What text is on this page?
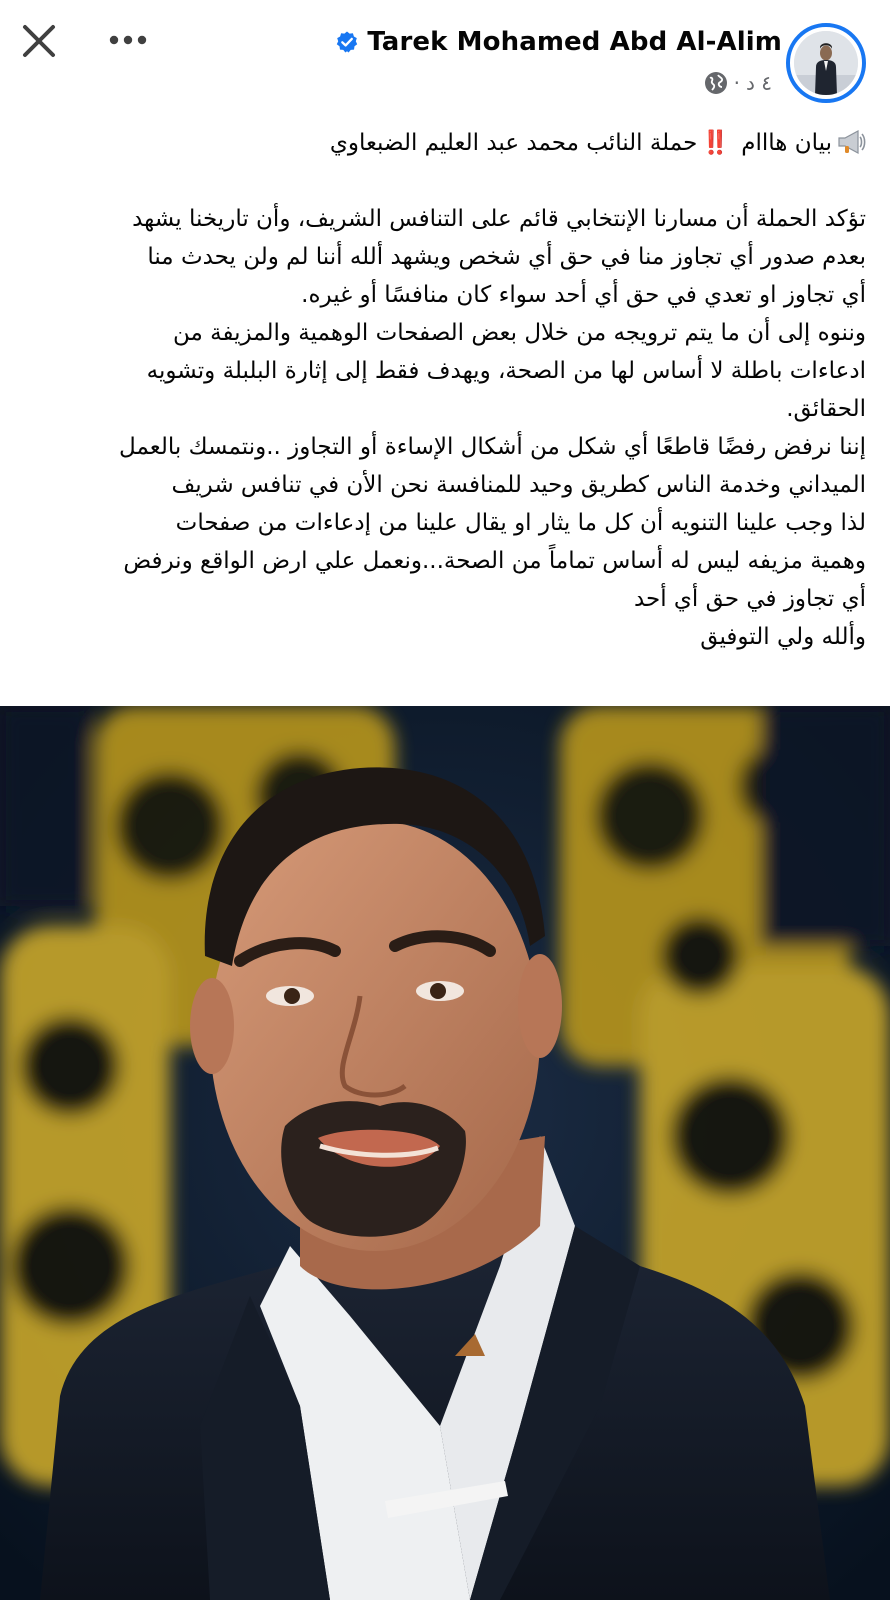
Tarek Mohamed Abd Al-Alim
· ٤ د
بيان هااام ‼️حملة النائب محمد عبد العليم الضبعاوي
تؤكد الحملة أن مسارنا الإنتخابي قائم على التنافس الشريف، وأن تاريخنا يشهد
بعدم صدور أي تجاوز منا في حق أي شخص ويشهد ألله أننا لم ولن يحدث منا
أي تجاوز او تعدي في حق أي أحد سواء كان منافسًا أو غيره.
وننوه إلى أن ما يتم ترويجه من خلال بعض الصفحات الوهمية والمزيفة من
ادعاءات باطلة لا أساس لها من الصحة، ويهدف فقط إلى إثارة البلبلة وتشويه
الحقائق.
إننا نرفض رفضًا قاطعًا أي شكل من أشكال الإساءة أو التجاوز ..ونتمسك بالعمل
الميداني وخدمة الناس كطريق وحيد للمنافسة نحن الأن في تنافس شريف
لذا وجب علينا التنويه أن كل ما يثار او يقال علينا من إدعاءات من صفحات
وهمية مزيفه ليس له أساس تماماً من الصحة...ونعمل علي ارض الواقع ونرفض
أي تجاوز في حق أي أحد
وألله ولي التوفيق
